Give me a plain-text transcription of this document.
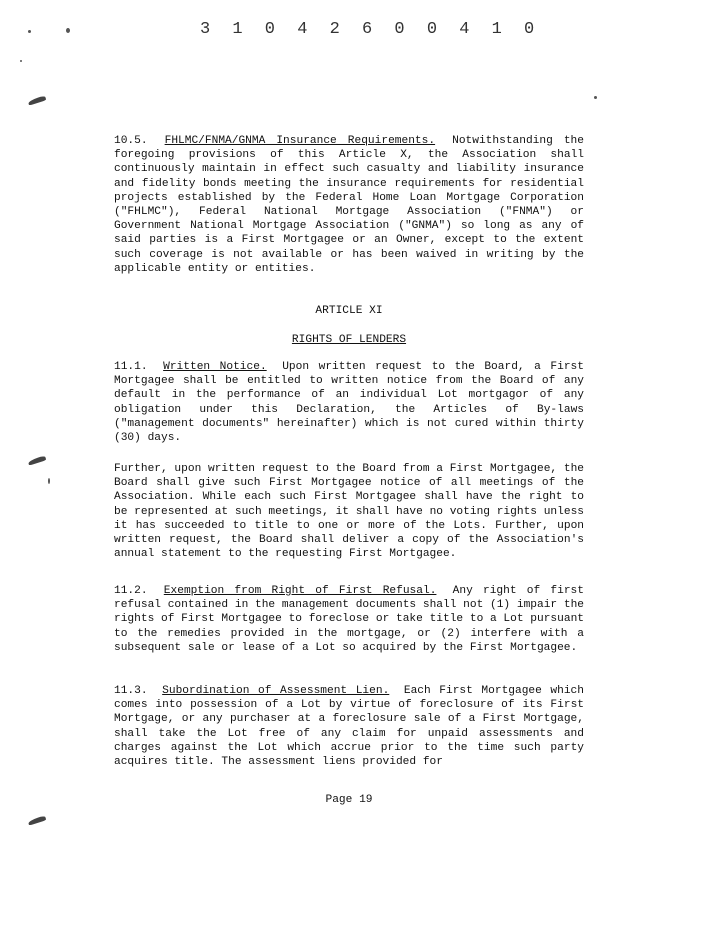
3 1 0 4 2 6 0 0 4 1 0

10.5. FHLMC/FNMA/GNMA Insurance Requirements. Notwithstanding the foregoing provisions of this Article X, the Association shall continuously maintain in effect such casualty and liability insurance and fidelity bonds meeting the insurance requirements for residential projects established by the Federal Home Loan Mortgage Corporation ("FHLMC"), Federal National Mortgage Association ("FNMA") or Government National Mortgage Association ("GNMA") so long as any of said parties is a First Mortgagee or an Owner, except to the extent such coverage is not available or has been waived in writing by the applicable entity or entities.

ARTICLE XI
RIGHTS OF LENDERS

11.1. Written Notice. Upon written request to the Board, a First Mortgagee shall be entitled to written notice from the Board of any default in the performance of an individual Lot mortgagor of any obligation under this Declaration, the Articles of By-laws ("management documents" hereinafter) which is not cured within thirty (30) days.

Further, upon written request to the Board from a First Mortgagee, the Board shall give such First Mortgagee notice of all meetings of the Association. While each such First Mortgagee shall have the right to be represented at such meetings, it shall have no voting rights unless it has succeeded to title to one or more of the Lots. Further, upon written request, the Board shall deliver a copy of the Association's annual statement to the requesting First Mortgagee.

11.2. Exemption from Right of First Refusal. Any right of first refusal contained in the management documents shall not (1) impair the rights of First Mortgagee to foreclose or take title to a Lot pursuant to the remedies provided in the mortgage, or (2) interfere with a subsequent sale or lease of a Lot so acquired by the First Mortgagee.

11.3. Subordination of Assessment Lien. Each First Mortgagee which comes into possession of a Lot by virtue of foreclosure of its First Mortgage, or any purchaser at a foreclosure sale of a First Mortgage, shall take the Lot free of any claim for unpaid assessments and charges against the Lot which accrue prior to the time such party acquires title. The assessment liens provided for

Page 19
